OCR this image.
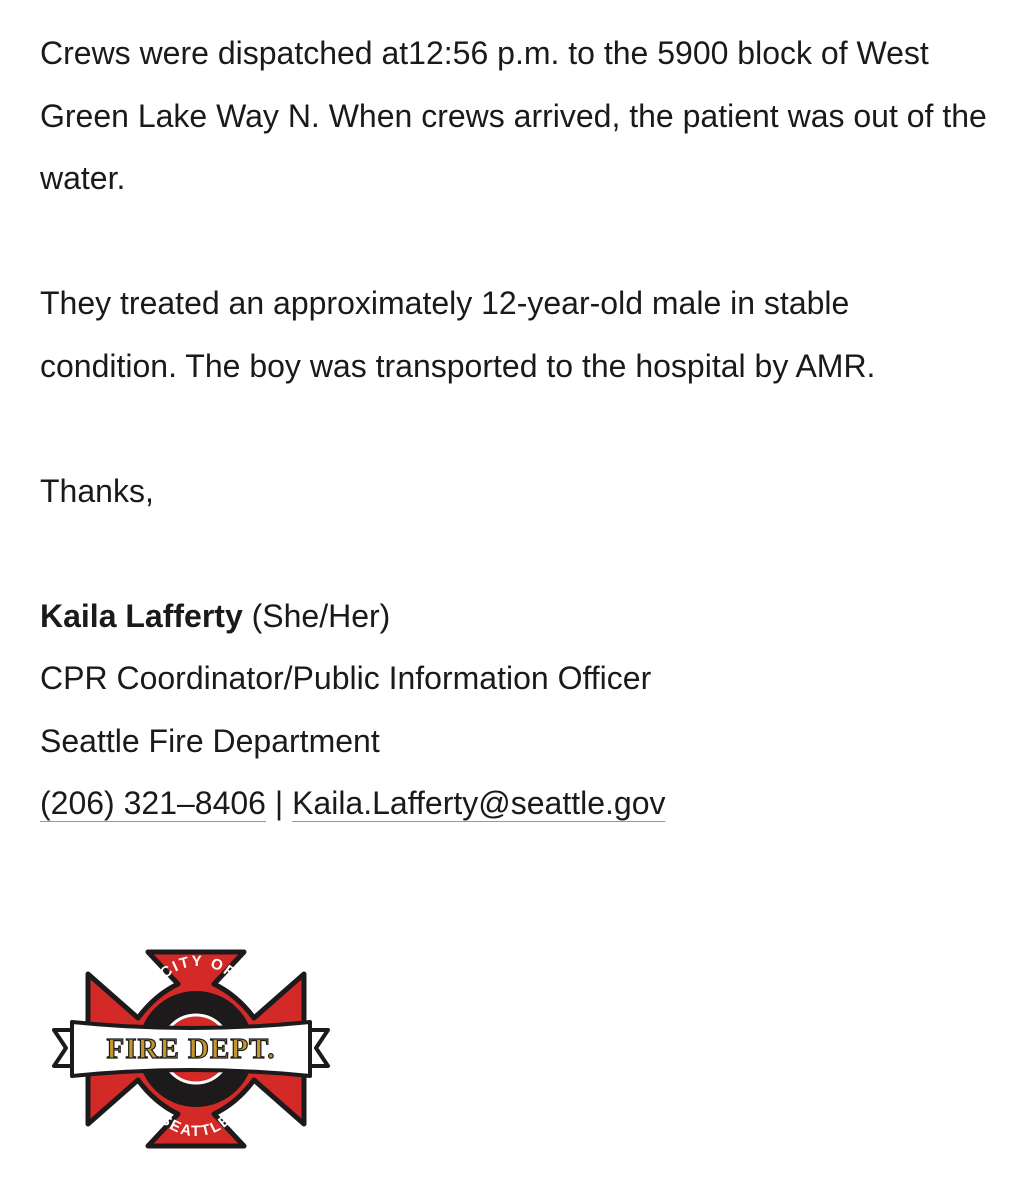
Crews were dispatched at12:56 p.m. to the 5900 block of West Green Lake Way N. When crews arrived, the patient was out of the water.

They treated an approximately 12-year-old male in stable condition. The boy was transported to the hospital by AMR.

Thanks,

Kaila Lafferty (She/Her)
CPR Coordinator/Public Information Officer
Seattle Fire Department
(206) 321–8406 | Kaila.Lafferty@seattle.gov
CITY OF
SEATTLE
FIRE DEPT.
